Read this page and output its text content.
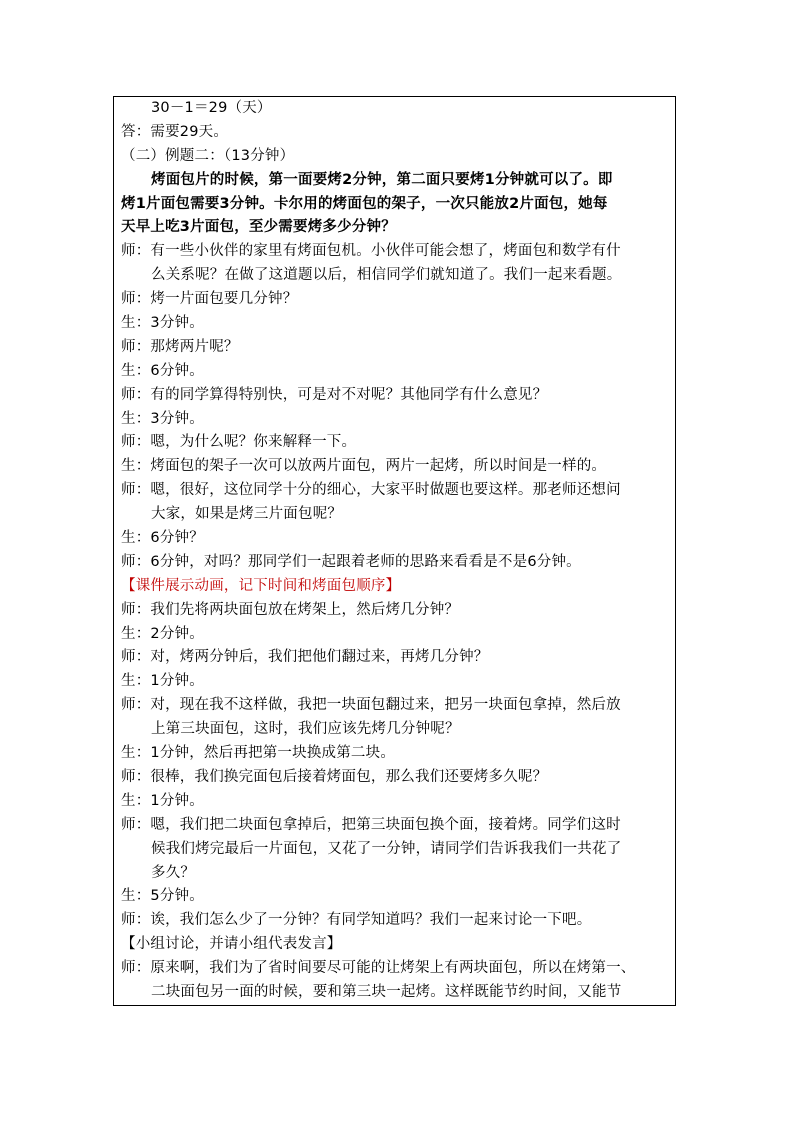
30－1＝29（天）
答：需要29天。
（二）例题二：（13分钟）
烤面包片的时候，第一面要烤2分钟，第二面只要烤1分钟就可以了。即
烤1片面包需要3分钟。卡尔用的烤面包的架子，一次只能放2片面包，她每
天早上吃3片面包，至少需要烤多少分钟？
师：有一些小伙伴的家里有烤面包机。小伙伴可能会想了，烤面包和数学有什
么关系呢？在做了这道题以后，相信同学们就知道了。我们一起来看题。
师：烤一片面包要几分钟？
生：3分钟。
师：那烤两片呢？
生：6分钟。
师：有的同学算得特别快，可是对不对呢？其他同学有什么意见？
生：3分钟。
师：嗯，为什么呢？你来解释一下。
生：烤面包的架子一次可以放两片面包，两片一起烤，所以时间是一样的。
师：嗯，很好，这位同学十分的细心，大家平时做题也要这样。那老师还想问
大家，如果是烤三片面包呢？
生：6分钟？
师：6分钟，对吗？那同学们一起跟着老师的思路来看看是不是6分钟。
【课件展示动画，记下时间和烤面包顺序】
师：我们先将两块面包放在烤架上，然后烤几分钟？
生：2分钟。
师：对，烤两分钟后，我们把他们翻过来，再烤几分钟？
生：1分钟。
师：对，现在我不这样做，我把一块面包翻过来，把另一块面包拿掉，然后放
上第三块面包，这时，我们应该先烤几分钟呢？
生：1分钟，然后再把第一块换成第二块。
师：很棒，我们换完面包后接着烤面包，那么我们还要烤多久呢？
生：1分钟。
师：嗯，我们把二块面包拿掉后，把第三块面包换个面，接着烤。同学们这时
候我们烤完最后一片面包，又花了一分钟，请同学们告诉我我们一共花了
多久？
生：5分钟。
师：诶，我们怎么少了一分钟？有同学知道吗？我们一起来讨论一下吧。
【小组讨论，并请小组代表发言】
师：原来啊，我们为了省时间要尽可能的让烤架上有两块面包，所以在烤第一、
二块面包另一面的时候，要和第三块一起烤。这样既能节约时间，又能节
